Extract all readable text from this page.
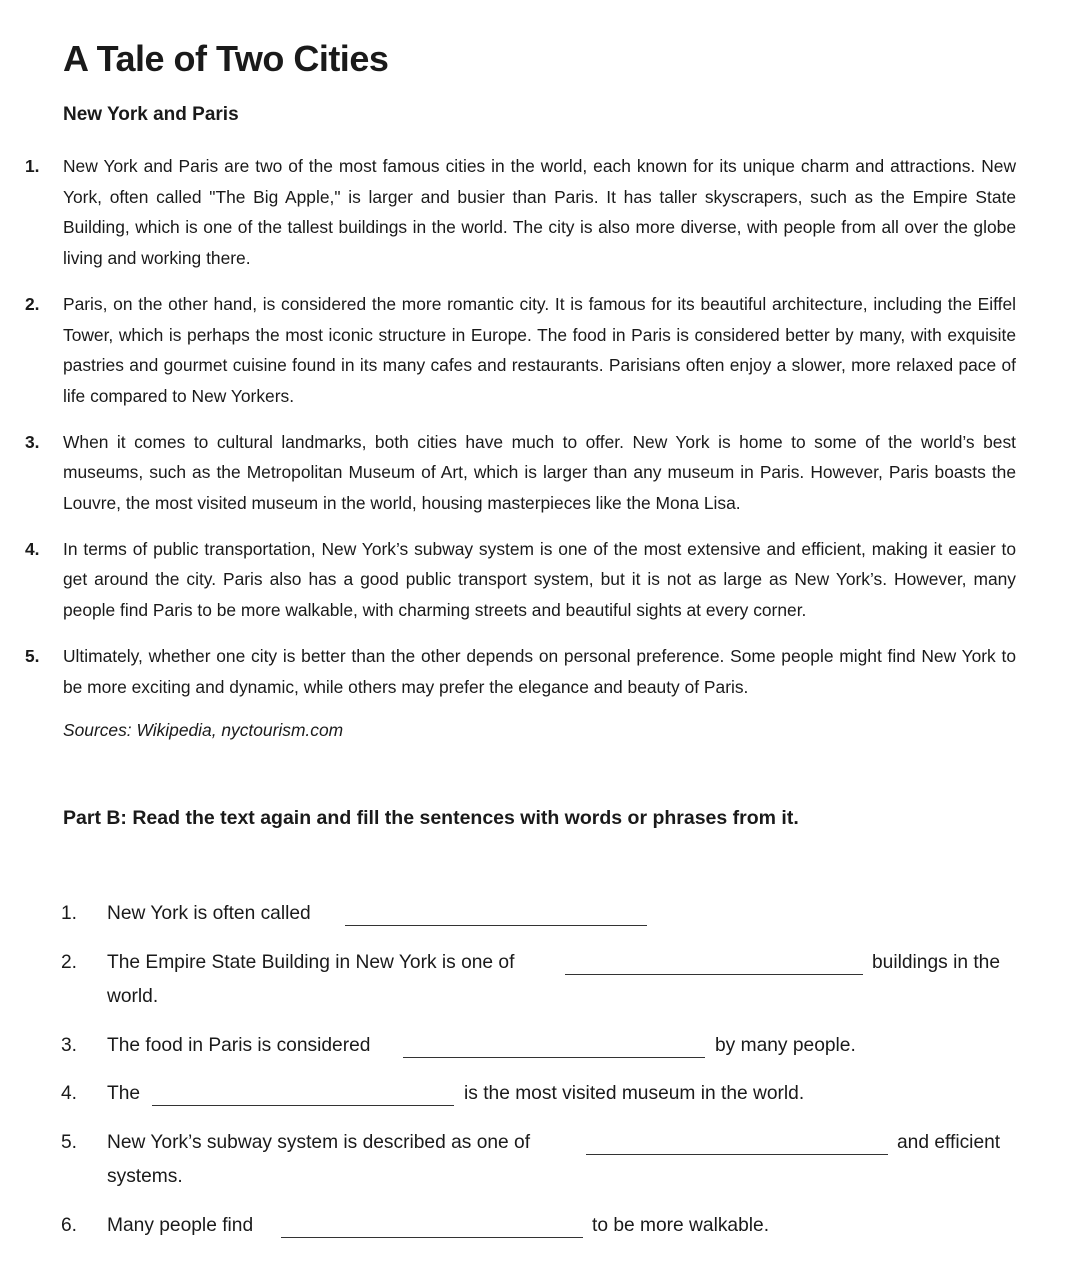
A Tale of Two Cities
New York and Paris
1. New York and Paris are two of the most famous cities in the world, each known for its unique charm and attractions. New York, often called "The Big Apple," is larger and busier than Paris. It has taller skyscrapers, such as the Empire State Building, which is one of the tallest buildings in the world. The city is also more diverse, with people from all over the globe living and working there.
2. Paris, on the other hand, is considered the more romantic city. It is famous for its beautiful architecture, including the Eiffel Tower, which is perhaps the most iconic structure in Europe. The food in Paris is considered better by many, with exquisite pastries and gourmet cuisine found in its many cafes and restaurants. Parisians often enjoy a slower, more relaxed pace of life compared to New Yorkers.
3. When it comes to cultural landmarks, both cities have much to offer. New York is home to some of the world’s best museums, such as the Metropolitan Museum of Art, which is larger than any museum in Paris. However, Paris boasts the Louvre, the most visited museum in the world, housing masterpieces like the Mona Lisa.
4. In terms of public transportation, New York’s subway system is one of the most extensive and efficient, making it easier to get around the city. Paris also has a good public transport system, but it is not as large as New York’s. However, many people find Paris to be more walkable, with charming streets and beautiful sights at every corner.
5. Ultimately, whether one city is better than the other depends on personal preference. Some people might find New York to be more exciting and dynamic, while others may prefer the elegance and beauty of Paris.
Sources: Wikipedia, nyctourism.com
Part B: Read the text again and fill the sentences with words or phrases from it.
1. New York is often called
2. The Empire State Building in New York is one of	buildings in the
world.
3. The food in Paris is considered	by many people.
4. The	is the most visited museum in the world.
5. New York’s subway system is described as one of	and efficient
systems.
6. Many people find	to be more walkable.
